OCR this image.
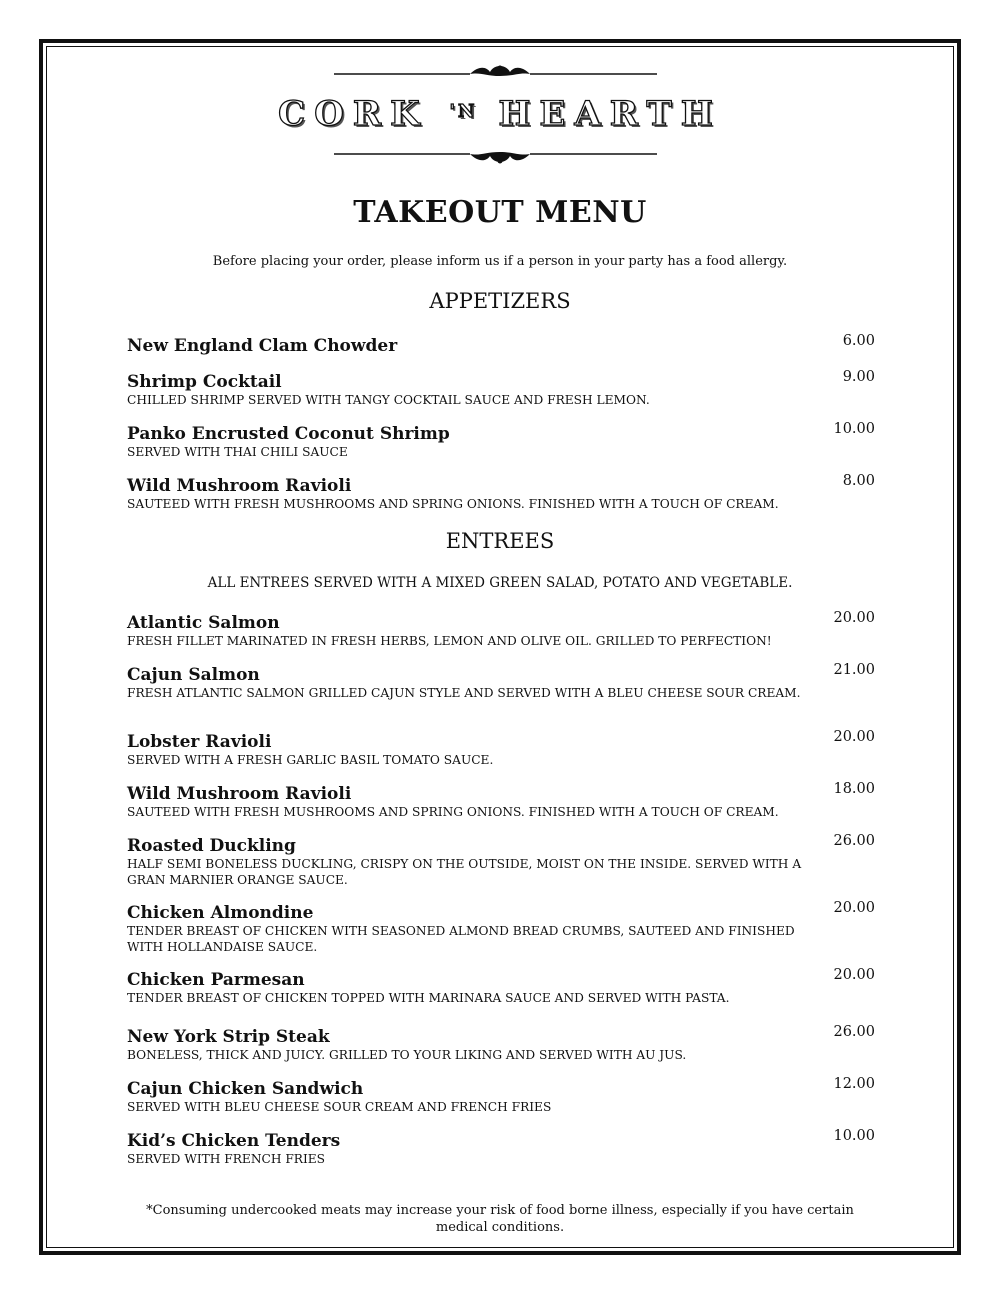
CORK $^{'N}$ HEARTH
TAKEOUT MENU
Before placing your order, please inform us if a person in your party has a food allergy.
APPETIZERS
New England Clam Chowder	6.00
Shrimp Cocktail
CHILLED SHRIMP SERVED WITH TANGY COCKTAIL SAUCE AND FRESH LEMON.
9.00
Panko Encrusted Coconut Shrimp
SERVED WITH THAI CHILI SAUCE
10.00
Wild Mushroom Ravioli
SAUTEED WITH FRESH MUSHROOMS AND SPRING ONIONS. FINISHED WITH A TOUCH OF CREAM.
8.00
ENTREES
ALL ENTREES SERVED WITH A MIXED GREEN SALAD, POTATO AND VEGETABLE.
Atlantic Salmon
FRESH FILLET MARINATED IN FRESH HERBS, LEMON AND OLIVE OIL. GRILLED TO PERFECTION!
20.00
Cajun Salmon
FRESH ATLANTIC SALMON GRILLED CAJUN STYLE AND SERVED WITH A BLEU CHEESE SOUR CREAM.
21.00
Lobster Ravioli
SERVED WITH A FRESH GARLIC BASIL TOMATO SAUCE.
20.00
Wild Mushroom Ravioli
SAUTEED WITH FRESH MUSHROOMS AND SPRING ONIONS. FINISHED WITH A TOUCH OF CREAM.
18.00
Roasted Duckling
HALF SEMI BONELESS DUCKLING, CRISPY ON THE OUTSIDE, MOIST ON THE INSIDE. SERVED WITH A GRAN MARNIER ORANGE SAUCE.
26.00
Chicken Almondine
TENDER BREAST OF CHICKEN WITH SEASONED ALMOND BREAD CRUMBS, SAUTEED AND FINISHED WITH HOLLANDAISE SAUCE.
20.00
Chicken Parmesan
TENDER BREAST OF CHICKEN TOPPED WITH MARINARA SAUCE AND SERVED WITH PASTA.
20.00
New York Strip Steak
BONELESS, THICK AND JUICY. GRILLED TO YOUR LIKING AND SERVED WITH AU JUS.
26.00
Cajun Chicken Sandwich
SERVED WITH BLEU CHEESE SOUR CREAM AND FRENCH FRIES
12.00
Kid’s Chicken Tenders
SERVED WITH FRENCH FRIES
10.00
*Consuming undercooked meats may increase your risk of food borne illness, especially if you have certain medical conditions.
